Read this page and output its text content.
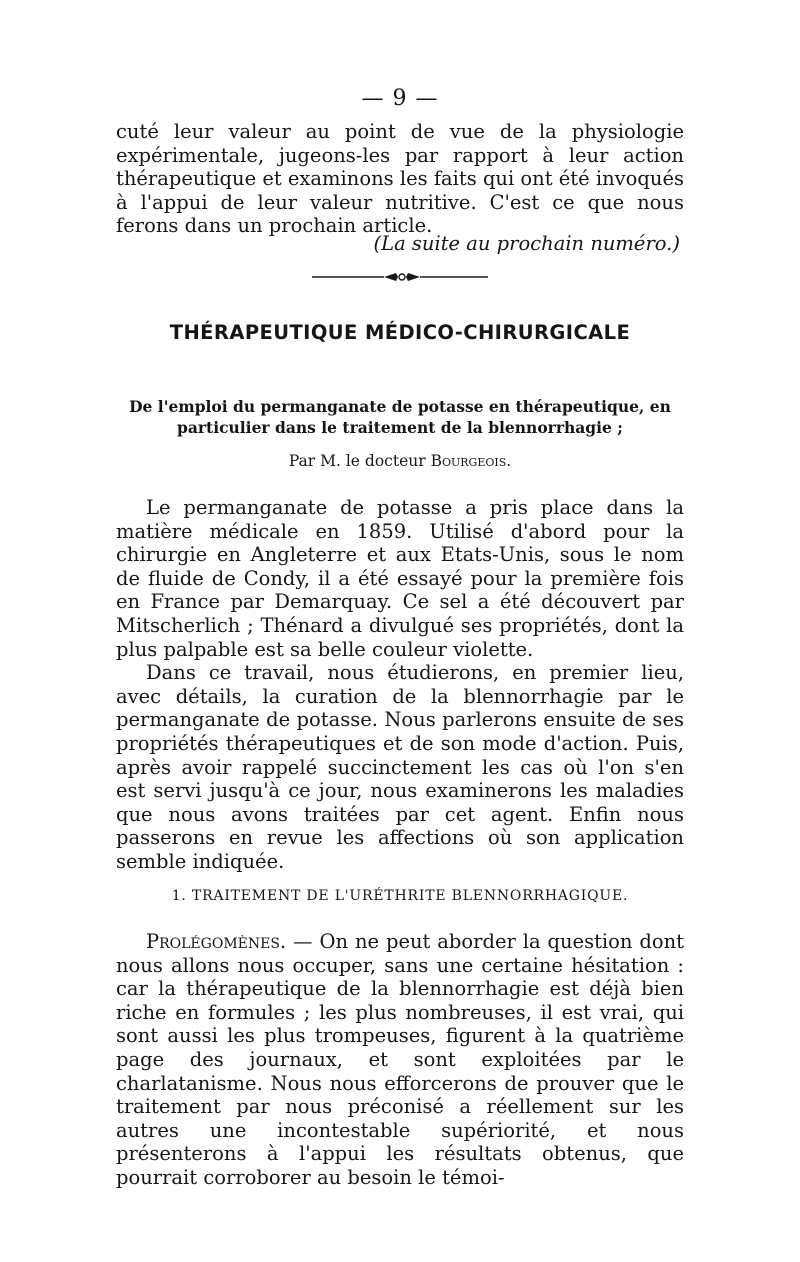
— 9 —

cuté leur valeur au point de vue de la physiologie expérimentale, jugeons-les par rapport à leur action thérapeutique et examinons les faits qui ont été invoqués à l'appui de leur valeur nutritive. C'est ce que nous ferons dans un prochain article.

(La suite au prochain numéro.)
THÉRAPEUTIQUE MÉDICO-CHIRURGICALE
De l'emploi du permanganate de potasse en thérapeutique, en particulier dans le traitement de la blennorrhagie ;
Par M. le docteur Bourgeois.

Le permanganate de potasse a pris place dans la matière médicale en 1859. Utilisé d'abord pour la chirurgie en Angleterre et aux Etats-Unis, sous le nom de fluide de Condy, il a été essayé pour la première fois en France par Demarquay. Ce sel a été découvert par Mitscherlich ; Thénard a divulgué ses propriétés, dont la plus palpable est sa belle couleur violette.

Dans ce travail, nous étudierons, en premier lieu, avec détails, la curation de la blennorrhagie par le permanganate de potasse. Nous parlerons ensuite de ses propriétés thérapeutiques et de son mode d'action. Puis, après avoir rappelé succinctement les cas où l'on s'en est servi jusqu'à ce jour, nous examinerons les maladies que nous avons traitées par cet agent. Enfin nous passerons en revue les affections où son application semble indiquée.

1. TRAITEMENT DE L'URÉTHRITE BLENNORRHAGIQUE.

Prolégomènes. — On ne peut aborder la question dont nous allons nous occuper, sans une certaine hésitation : car la thérapeutique de la blennorrhagie est déjà bien riche en formules ; les plus nombreuses, il est vrai, qui sont aussi les plus trompeuses, figurent à la quatrième page des journaux, et sont exploitées par le charlatanisme. Nous nous efforcerons de prouver que le traitement par nous préconisé a réellement sur les autres une incontestable supériorité, et nous présenterons à l'appui les résultats obtenus, que pourrait corroborer au besoin le témoi-
